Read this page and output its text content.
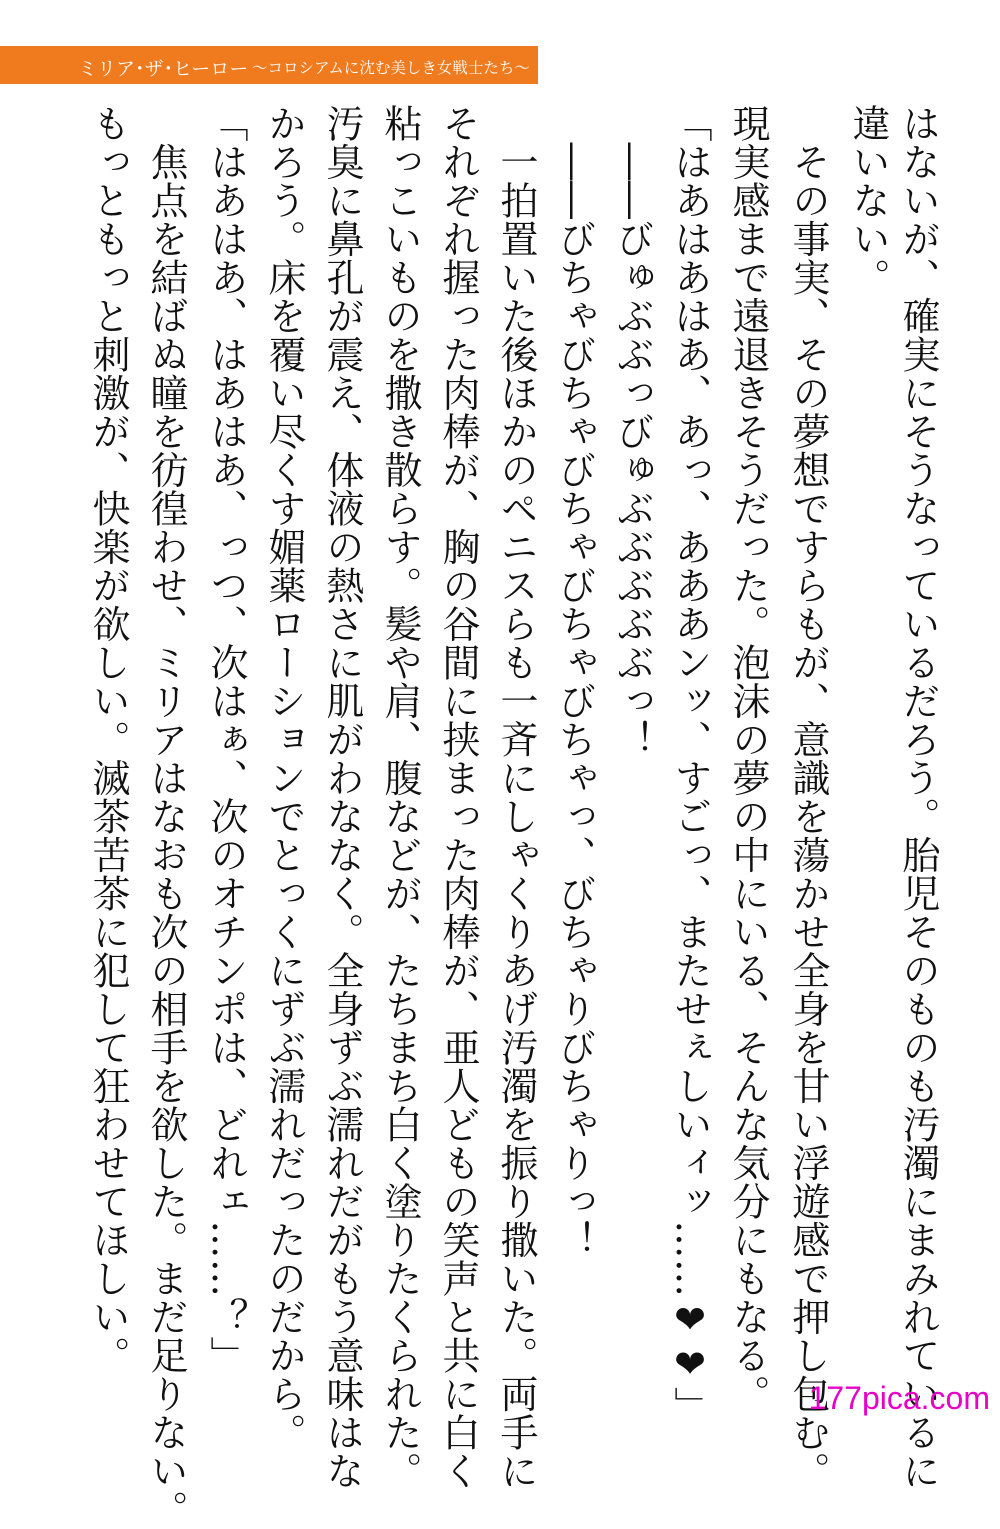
ミリア･ザ･ヒーロー 〜コロシアムに沈む美しき女戦士たち〜
はないが、確実にそうなっているだろう。胎児そのものも汚濁にまみれているに
違いない。
　その事実、その夢想ですらもが、意識を蕩かせ全身を甘い浮遊感で押し包む。
現実感まで遠退きそうだった。泡沫の夢の中にいる、そんな気分にもなる。
「はあはあはあ、あっ、あああンッ、すごっ、またせぇしいィッ……❤❤」
　――びゅぶぶっびゅぶぶぶぶぶっ！
　――びちゃびちゃびちゃびちゃびちゃっ、びちゃりびちゃりっ！
　一拍置いた後ほかのペニスらも一斉にしゃくりあげ汚濁を振り撒いた。両手に
それぞれ握った肉棒が、胸の谷間に挟まった肉棒が、亜人どもの笑声と共に白く
粘っこいものを撒き散らす。髪や肩、腹などが、たちまち白く塗りたくられた。
汚臭に鼻孔が震え、体液の熱さに肌がわななく。全身ずぶ濡れだがもう意味はな
かろう。床を覆い尽くす媚薬ローションでとっくにずぶ濡れだったのだから。
「はあはあ、はあはあ、っつ、次はぁ、次のオチンポは、どれェ……？」
　焦点を結ばぬ瞳を彷徨わせ、ミリアはなおも次の相手を欲した。まだ足りない。
もっともっと刺激が、快楽が欲しい。滅茶苦茶に犯して狂わせてほしい。
177pica.com
